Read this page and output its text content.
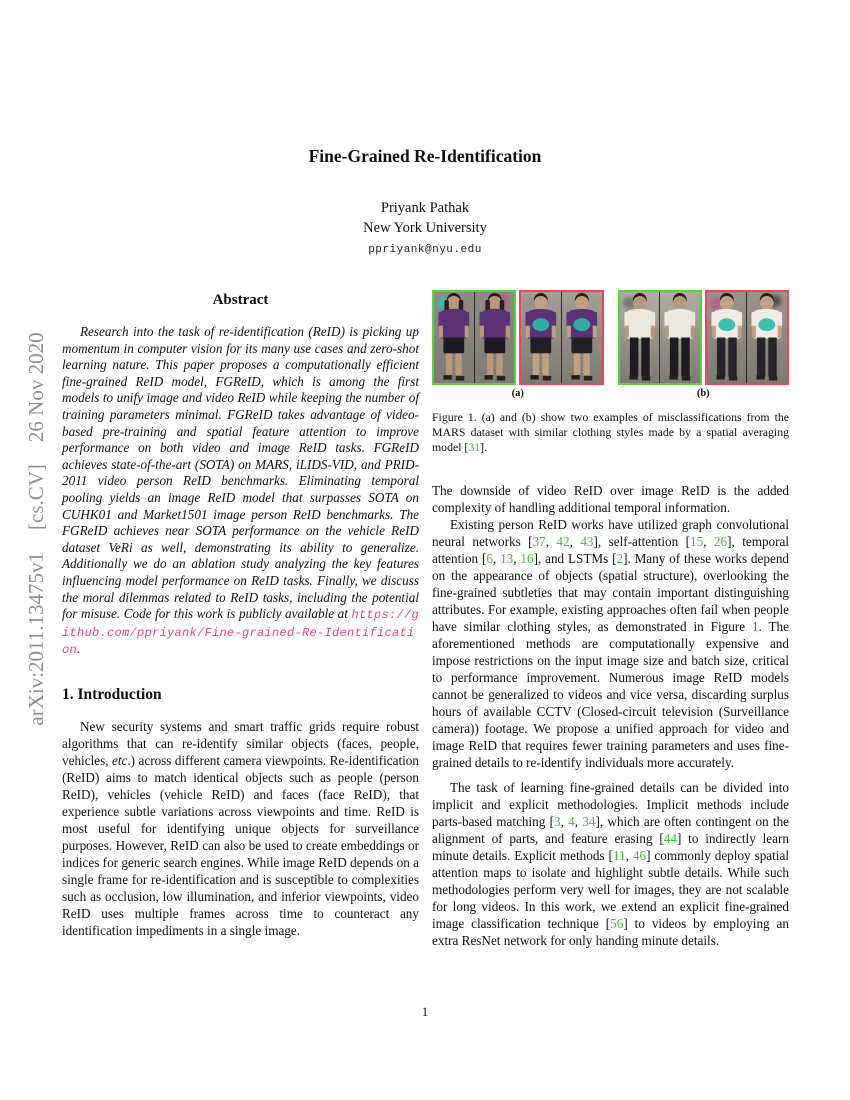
arXiv:2011.13475v1
[cs.CV]
26 Nov 2020
Fine-Grained Re-Identification
Priyank Pathak
New York University
ppriyank@nyu.edu
Abstract

Research into the task of re-identification (ReID) is picking up momentum in computer vision for its many use cases and zero-shot learning nature. This paper proposes a computationally efficient fine-grained ReID model, FGReID, which is among the first models to unify image and video ReID while keeping the number of training parameters minimal. FGReID takes advantage of video-based pre-training and spatial feature attention to improve performance on both video and image ReID tasks. FGReID achieves state-of-the-art (SOTA) on MARS, iLIDS-VID, and PRID-2011 video person ReID benchmarks. Eliminating temporal pooling yields an image ReID model that surpasses SOTA on CUHK01 and Market1501 image person ReID benchmarks. The FGReID achieves near SOTA performance on the vehicle ReID dataset VeRi as well, demonstrating its ability to generalize. Additionally we do an ablation study analyzing the key features influencing model performance on ReID tasks. Finally, we discuss the moral dilemmas related to ReID tasks, including the potential for misuse. Code for this work is publicly available at https://github.com/ppriyank/Fine-grained-Re-Identification.

1. Introduction

New security systems and smart traffic grids require robust algorithms that can re-identify similar objects (faces, people, vehicles, etc.) across different camera viewpoints. Re-identification (ReID) aims to match identical objects such as people (person ReID), vehicles (vehicle ReID) and faces (face ReID), that experience subtle variations across viewpoints and time. ReID is most useful for identifying unique objects for surveillance purposes. However, ReID can also be used to create embeddings or indices for generic search engines. While image ReID depends on a single frame for re-identification and is susceptible to complexities such as occlusion, low illumination, and inferior viewpoints, video ReID uses multiple frames across time to counteract any identification impediments in a single image.

(a)	(b)

Figure 1. (a) and (b) show two examples of misclassifications from the MARS dataset with similar clothing styles made by a spatial averaging model [31].

The downside of video ReID over image ReID is the added complexity of handling additional temporal information.

Existing person ReID works have utilized graph convolutional neural networks [37, 42, 43], self-attention [15, 26], temporal attention [6, 13, 16], and LSTMs [2]. Many of these works depend on the appearance of objects (spatial structure), overlooking the fine-grained subtleties that may contain important distinguishing attributes. For example, existing approaches often fail when people have similar clothing styles, as demonstrated in Figure 1. The aforementioned methods are computationally expensive and impose restrictions on the input image size and batch size, critical to performance improvement. Numerous image ReID models cannot be generalized to videos and vice versa, discarding surplus hours of available CCTV (Closed-circuit television (Surveillance camera)) footage. We propose a unified approach for video and image ReID that requires fewer training parameters and uses fine-grained details to re-identify individuals more accurately.

The task of learning fine-grained details can be divided into implicit and explicit methodologies. Implicit methods include parts-based matching [3, 4, 34], which are often contingent on the alignment of parts, and feature erasing [44] to indirectly learn minute details. Explicit methods [11, 46] commonly deploy spatial attention maps to isolate and highlight subtle details. While such methodologies perform very well for images, they are not scalable for long videos. In this work, we extend an explicit fine-grained image classification technique [56] to videos by employing an extra ResNet network for only handing minute details.

1
